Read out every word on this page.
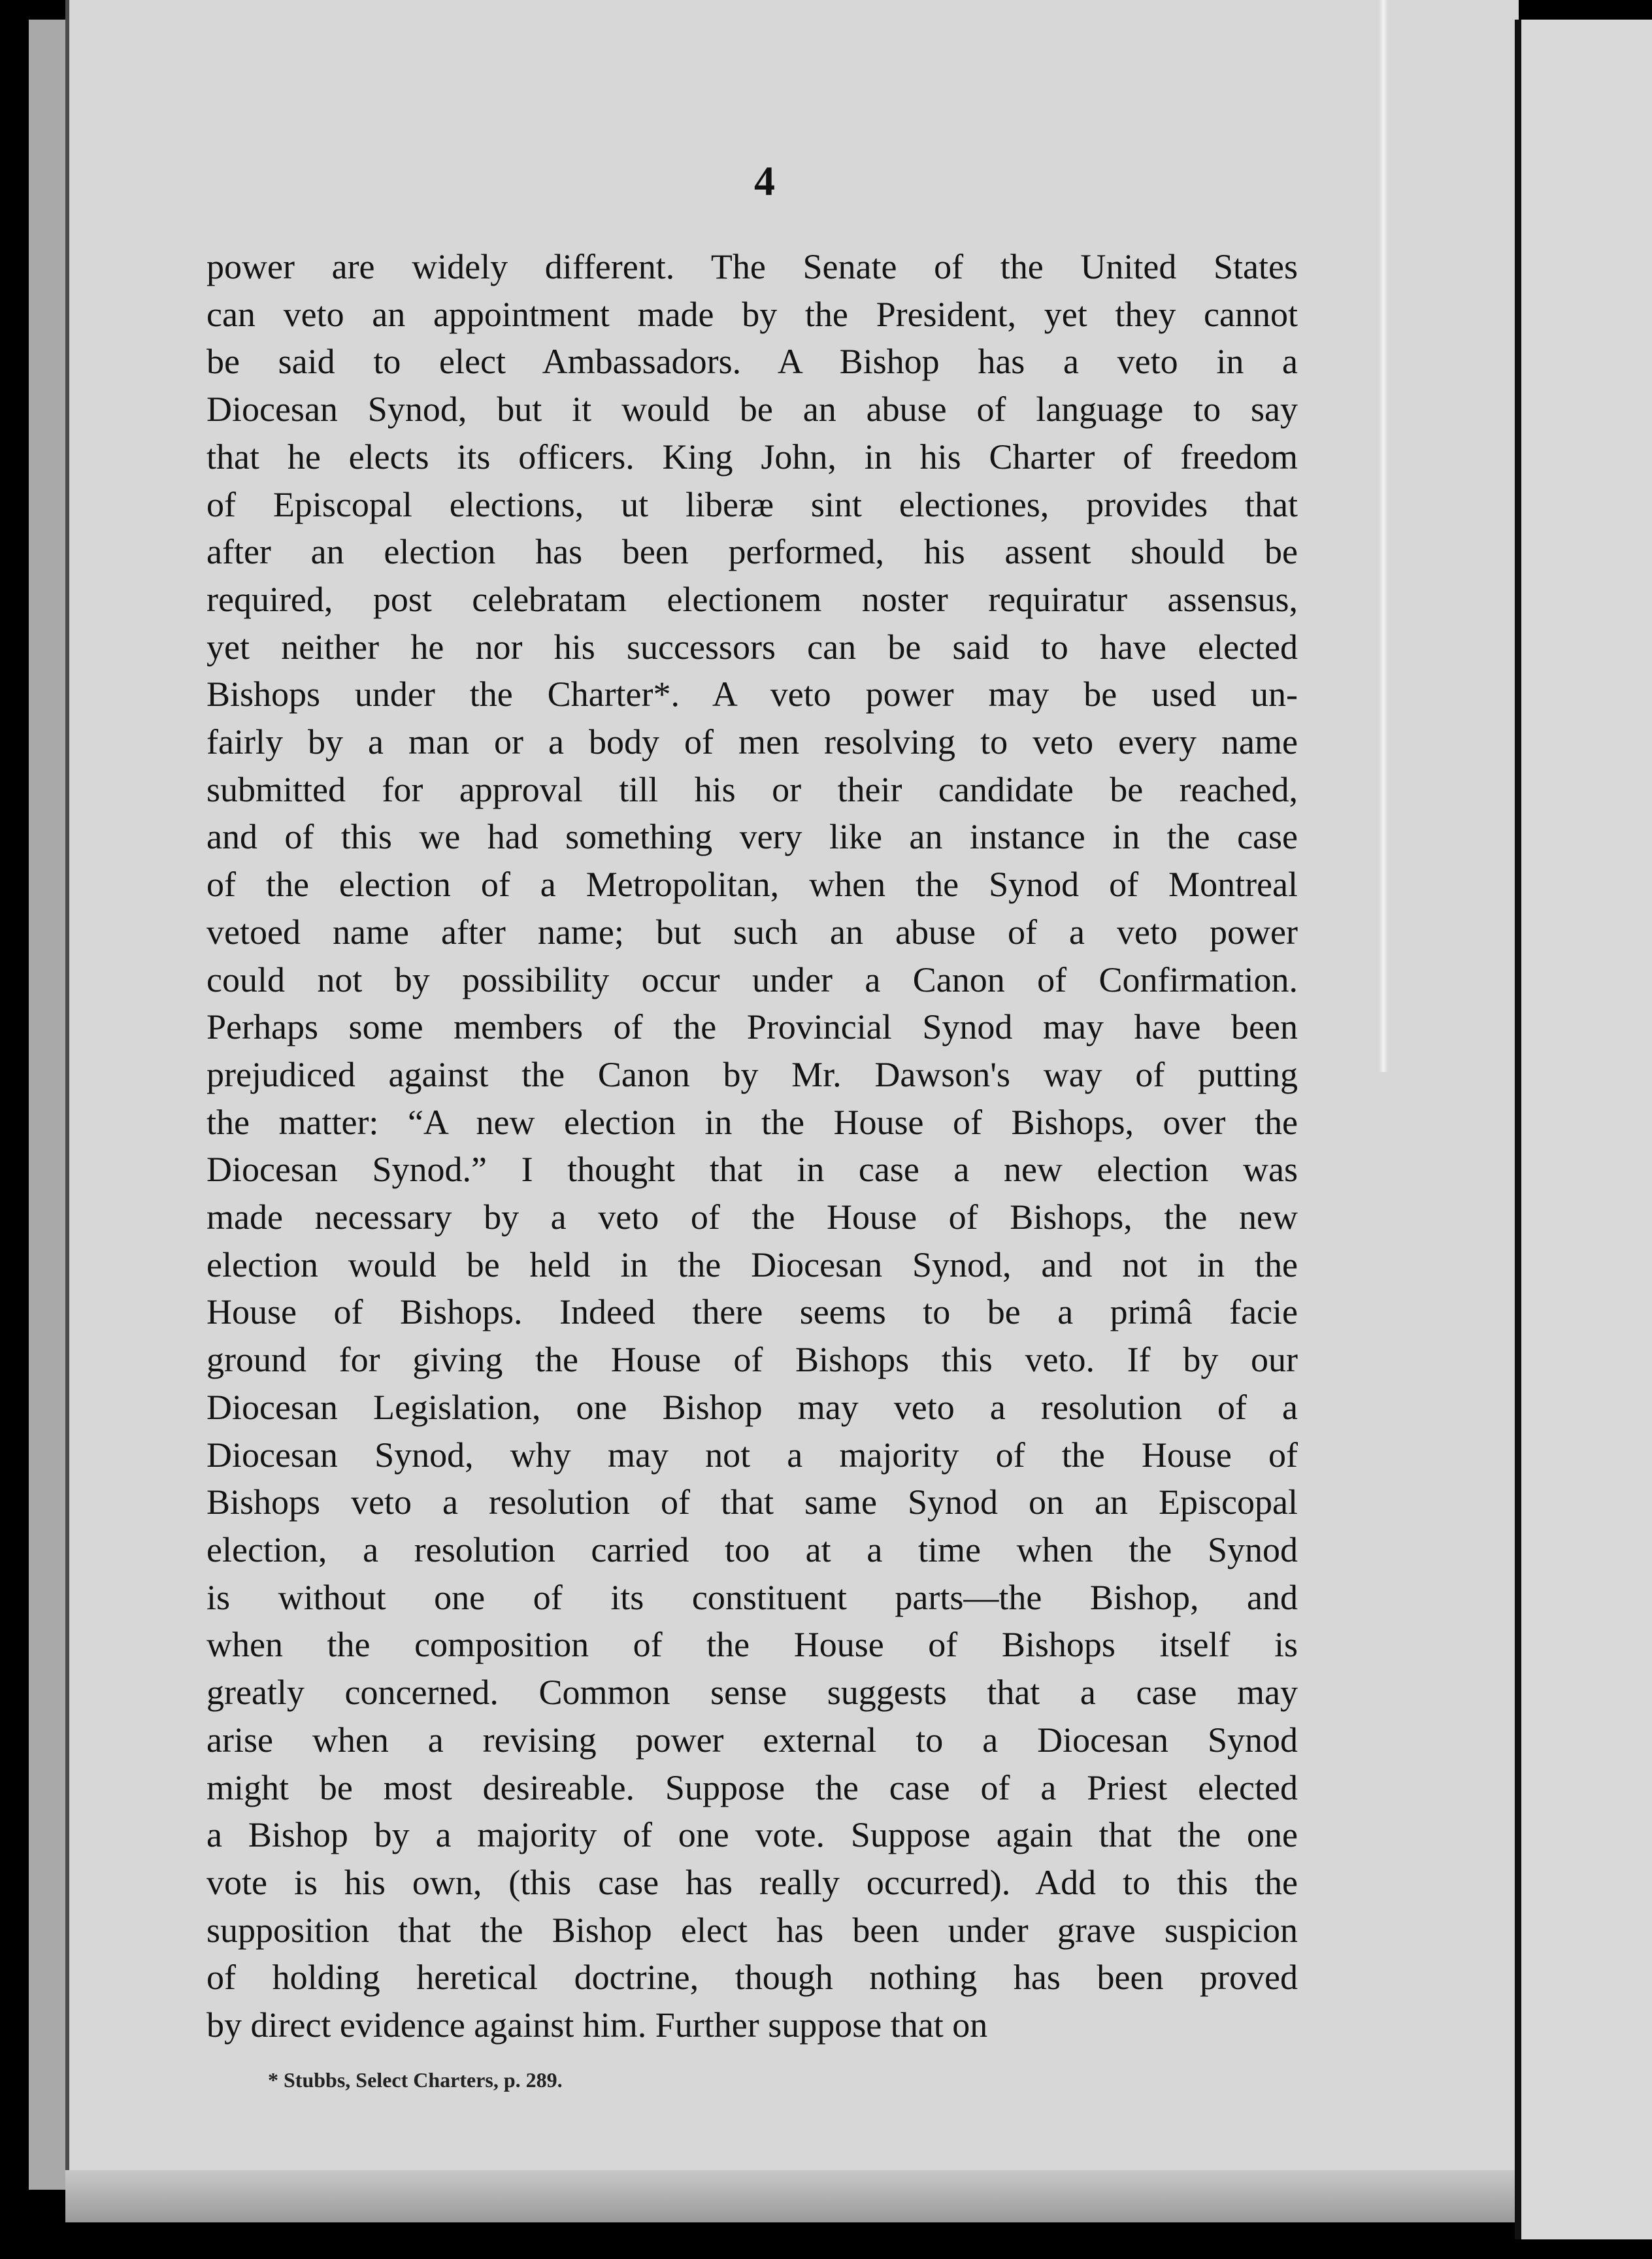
4
power are widely different. The Senate of the United States
can veto an appointment made by the President, yet they cannot
be said to elect Ambassadors. A Bishop has a veto in a
Diocesan Synod, but it would be an abuse of language to say
that he elects its officers. King John, in his Charter of freedom
of Episcopal elections, ut liberæ sint electiones, provides that
after an election has been performed, his assent should be
required, post celebratam electionem noster requiratur assensus,
yet neither he nor his successors can be said to have elected
Bishops under the Charter*. A veto power may be used un-
fairly by a man or a body of men resolving to veto every name
submitted for approval till his or their candidate be reached,
and of this we had something very like an instance in the case
of the election of a Metropolitan, when the Synod of Montreal
vetoed name after name; but such an abuse of a veto power
could not by possibility occur under a Canon of Confirmation.
Perhaps some members of the Provincial Synod may have been
prejudiced against the Canon by Mr. Dawson's way of putting
the matter: “A new election in the House of Bishops, over the
Diocesan Synod.” I thought that in case a new election was
made necessary by a veto of the House of Bishops, the new
election would be held in the Diocesan Synod, and not in the
House of Bishops. Indeed there seems to be a primâ facie
ground for giving the House of Bishops this veto. If by our
Diocesan Legislation, one Bishop may veto a resolution of a
Diocesan Synod, why may not a majority of the House of
Bishops veto a resolution of that same Synod on an Episcopal
election, a resolution carried too at a time when the Synod
is without one of its constituent parts—the Bishop, and
when the composition of the House of Bishops itself is
greatly concerned. Common sense suggests that a case may
arise when a revising power external to a Diocesan Synod
might be most desireable. Suppose the case of a Priest elected
a Bishop by a majority of one vote. Suppose again that the one
vote is his own, (this case has really occurred). Add to this the
supposition that the Bishop elect has been under grave suspicion
of holding heretical doctrine, though nothing has been proved
by direct evidence against him. Further suppose that on
* Stubbs, Select Charters, p. 289.
